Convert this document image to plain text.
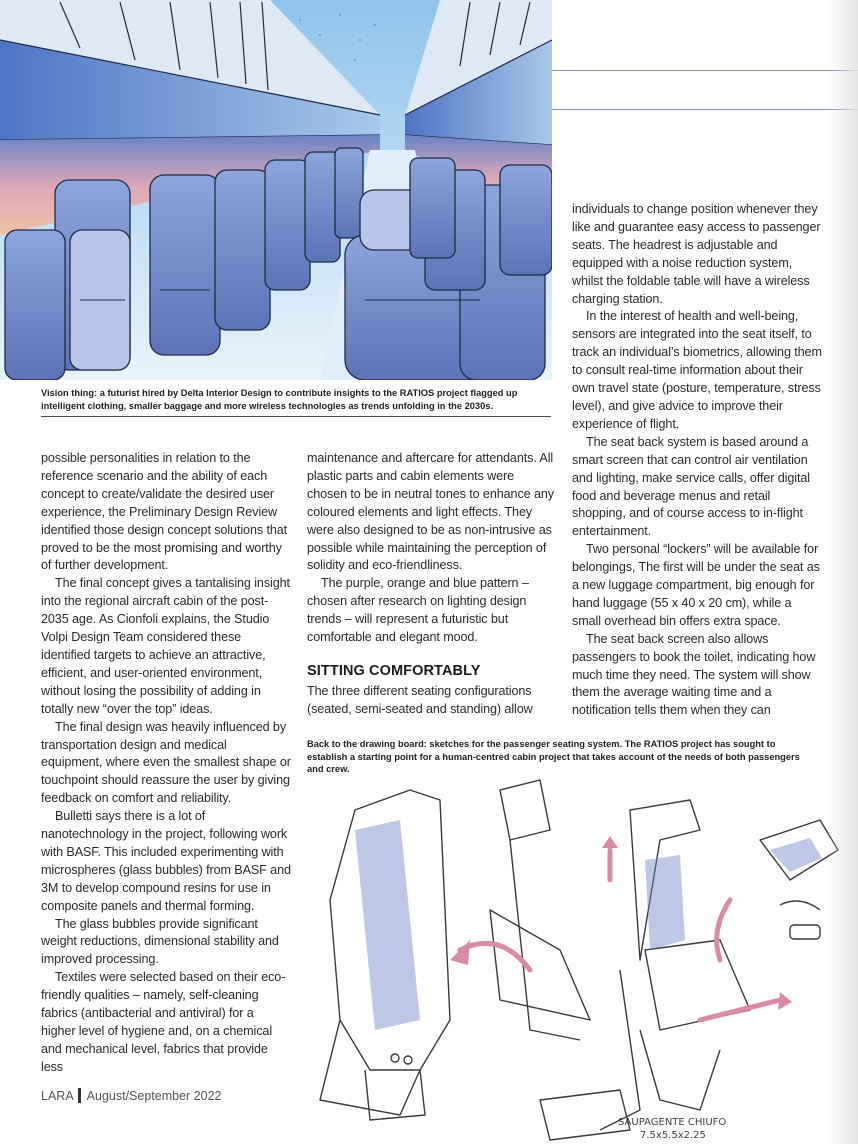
Vision thing: a futurist hired by Delta Interior Design to contribute insights to the RATIOS project flagged up intelligent clothing, smaller baggage and more wireless technologies as trends unfolding in the 2030s.

possible personalities in relation to the reference scenario and the ability of each concept to create/validate the desired user experience, the Preliminary Design Review identified those design concept solutions that proved to be the most promising and worthy of further development.

The final concept gives a tantalising insight into the regional aircraft cabin of the post-2035 age. As Cionfoli explains, the Studio Volpi Design Team considered these identified targets to achieve an attractive, efficient, and user-oriented environment, without losing the possibility of adding in totally new “over the top” ideas.

The final design was heavily influenced by transportation design and medical equipment, where even the smallest shape or touchpoint should reassure the user by giving feedback on comfort and reliability.

Bulletti says there is a lot of nanotechnology in the project, following work with BASF. This included experimenting with microspheres (glass bubbles) from BASF and 3M to develop compound resins for use in composite panels and thermal forming.

The glass bubbles provide significant weight reductions, dimensional stability and improved processing.

Textiles were selected based on their eco-friendly qualities – namely, self-cleaning fabrics (antibacterial and antiviral) for a higher level of hygiene and, on a chemical and mechanical level, fabrics that provide less

maintenance and aftercare for attendants. All plastic parts and cabin elements were chosen to be in neutral tones to enhance any coloured elements and light effects. They were also designed to be as non-intrusive as possible while maintaining the perception of solidity and eco-friendliness.

The purple, orange and blue pattern – chosen after research on lighting design trends – will represent a futuristic but comfortable and elegant mood.

SITTING COMFORTABLY

The three different seating configurations (seated, semi-seated and standing) allow

individuals to change position whenever they like and guarantee easy access to passenger seats. The headrest is adjustable and equipped with a noise reduction system, whilst the foldable table will have a wireless charging station.

In the interest of health and well-being, sensors are integrated into the seat itself, to track an individual’s biometrics, allowing them to consult real-time information about their own travel state (posture, temperature, stress level), and give advice to improve their experience of flight.

The seat back system is based around a smart screen that can control air ventilation and lighting, make service calls, offer digital food and beverage menus and retail shopping, and of course access to in-flight entertainment.

Two personal “lockers” will be available for belongings, The first will be under the seat as a new luggage compartment, big enough for hand luggage (55 x 40 x 20 cm), while a small overhead bin offers extra space.

The seat back screen also allows passengers to book the toilet, indicating how much time they need. The system will show them the average waiting time and a notification tells them when they can

Back to the drawing board: sketches for the passenger seating system. The RATIOS project has sought to establish a starting point for a human-centred cabin project that takes account of the needs of both passengers and crew.
SAUPAGENTE CHIUFO
7.5x5.5x2.25
LARA August/September 2022
